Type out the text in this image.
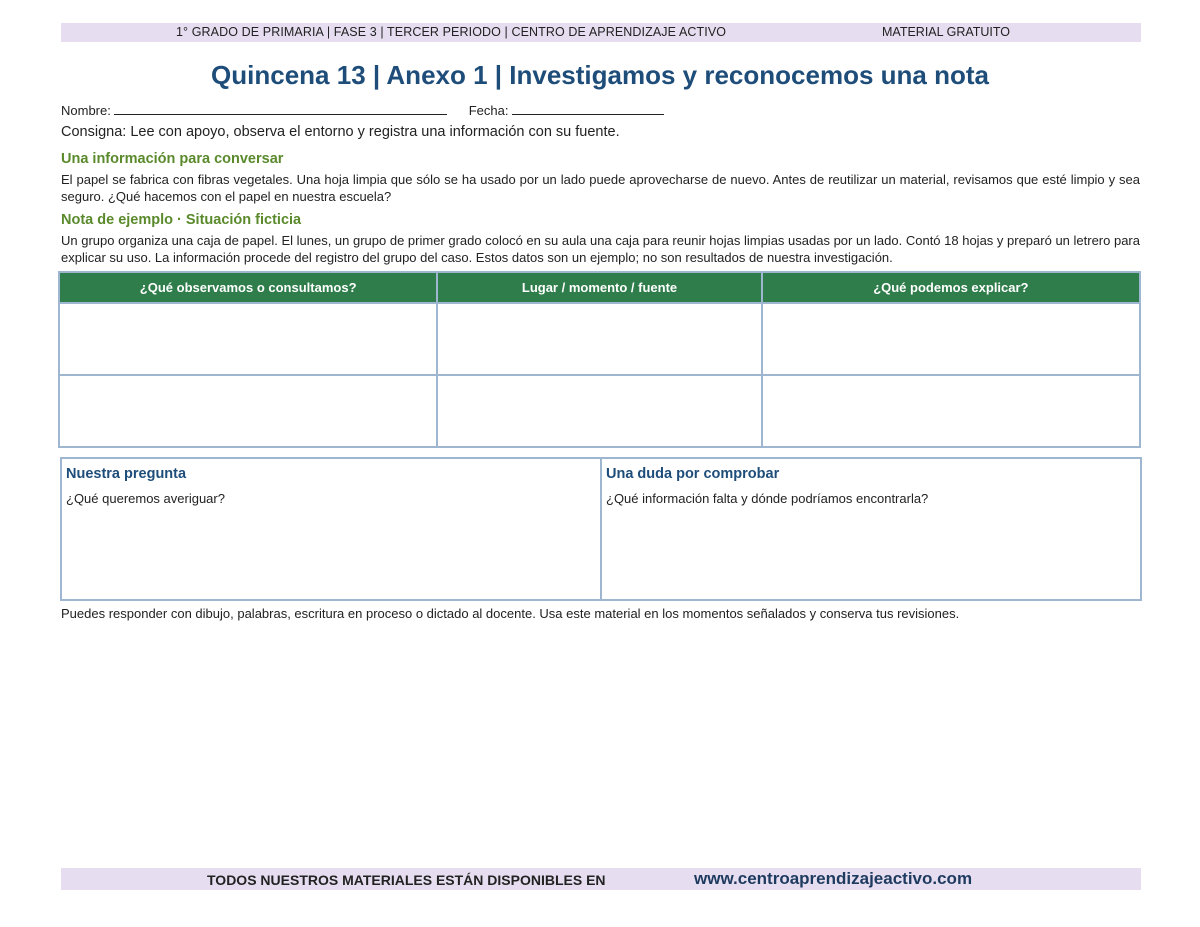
1° GRADO DE PRIMARIA | FASE 3 | TERCER PERIODO | CENTRO DE APRENDIZAJE ACTIVO	MATERIAL GRATUITO
Quincena 13 | Anexo 1 | Investigamos y reconocemos una nota
Nombre:	Fecha:
Consigna: Lee con apoyo, observa el entorno y registra una información con su fuente.
Una información para conversar
El papel se fabrica con fibras vegetales. Una hoja limpia que sólo se ha usado por un lado puede aprovecharse de nuevo. Antes de reutilizar un material, revisamos que esté limpio y sea seguro. ¿Qué hacemos con el papel en nuestra escuela?
Nota de ejemplo · Situación ficticia
Un grupo organiza una caja de papel. El lunes, un grupo de primer grado colocó en su aula una caja para reunir hojas limpias usadas por un lado. Contó 18 hojas y preparó un letrero para explicar su uso. La información procede del registro del grupo del caso. Estos datos son un ejemplo; no son resultados de nuestra investigación.
¿Qué observamos o consultamos?	Lugar / momento / fuente	¿Qué podemos explicar?

Nuestra pregunta
¿Qué queremos averiguar?
Una duda por comprobar
¿Qué información falta y dónde podríamos encontrarla?
Puedes responder con dibujo, palabras, escritura en proceso o dictado al docente. Usa este material en los momentos señalados y conserva tus revisiones.
TODOS NUESTROS MATERIALES ESTÁN DISPONIBLES EN	www.centroaprendizajeactivo.com
